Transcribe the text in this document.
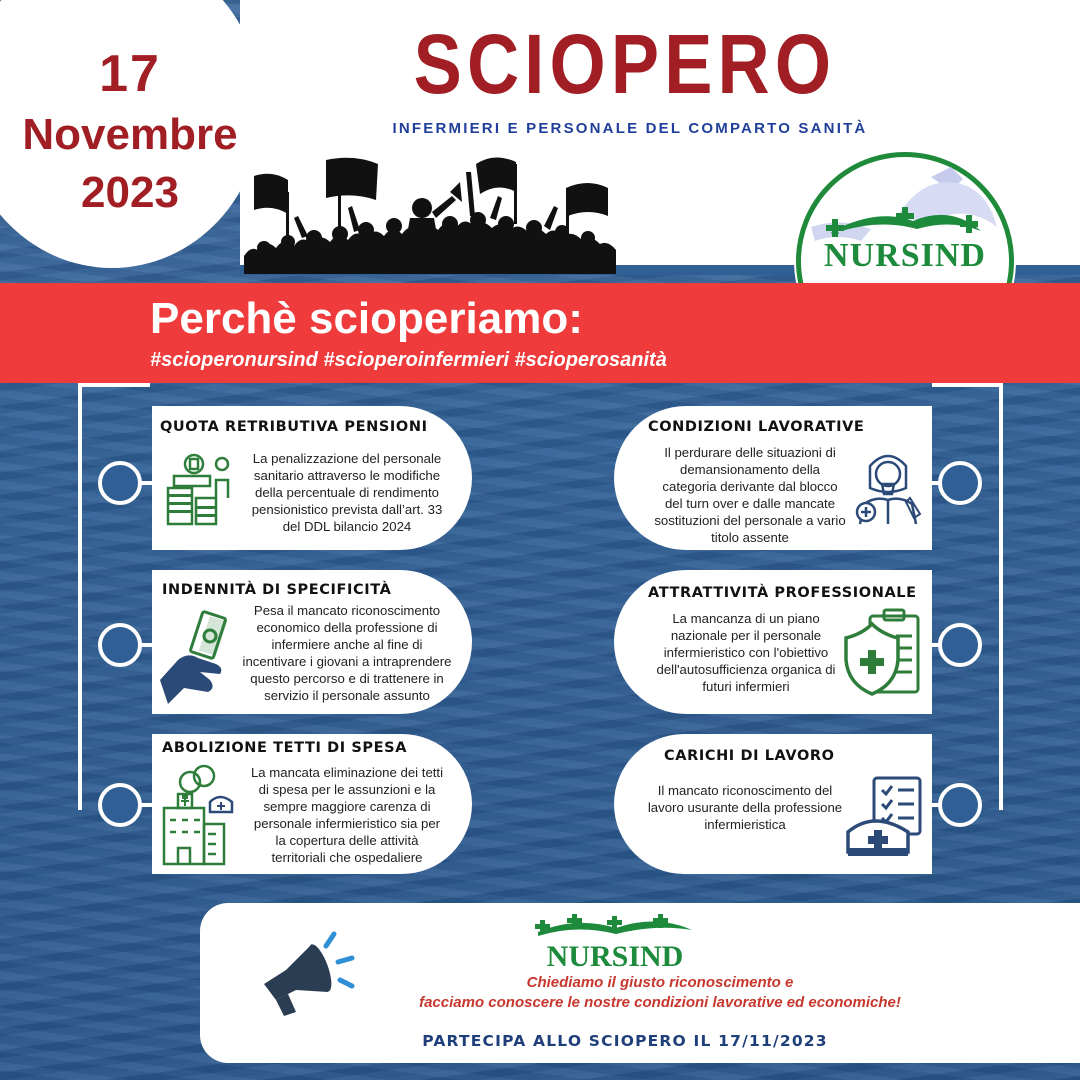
17
Novembre
2023
SCIOPERO
INFERMIERI E PERSONALE DEL COMPARTO SANITÀ
NURSIND
Perchè scioperiamo:
#scioperonursind #scioperoinfermieri #scioperosanità
QUOTA RETRIBUTIVA PENSIONI
La penalizzazione del personale
sanitario attraverso le modifiche
della percentuale di rendimento
pensionistico prevista dall’art. 33
del DDL bilancio 2024
CONDIZIONI LAVORATIVE
Il perdurare delle situazioni di
demansionamento della
categoria derivante dal blocco
del turn over e dalle mancate
sostituzioni del personale a vario
titolo assente
INDENNITÀ DI SPECIFICITÀ
Pesa il mancato riconoscimento
economico della professione di
infermiere anche al fine di
incentivare i giovani a intraprendere
questo percorso e di trattenere in
servizio il personale assunto
ATTRATTIVITÀ PROFESSIONALE
La mancanza di un piano
nazionale per il personale
infermieristico con l'obiettivo
dell'autosufficienza organica di
futuri infermieri
ABOLIZIONE TETTI DI SPESA
La mancata eliminazione dei tetti
di spesa per le assunzioni e la
sempre maggiore carenza di
personale infermieristico sia per
la copertura delle attività
territoriali che ospedaliere
CARICHI DI LAVORO
Il mancato riconoscimento del
lavoro usurante della professione
infermieristica
NURSIND
Chiediamo il giusto riconoscimento e
facciamo conoscere le nostre condizioni lavorative ed economiche!
PARTECIPA ALLO SCIOPERO IL 17/11/2023
